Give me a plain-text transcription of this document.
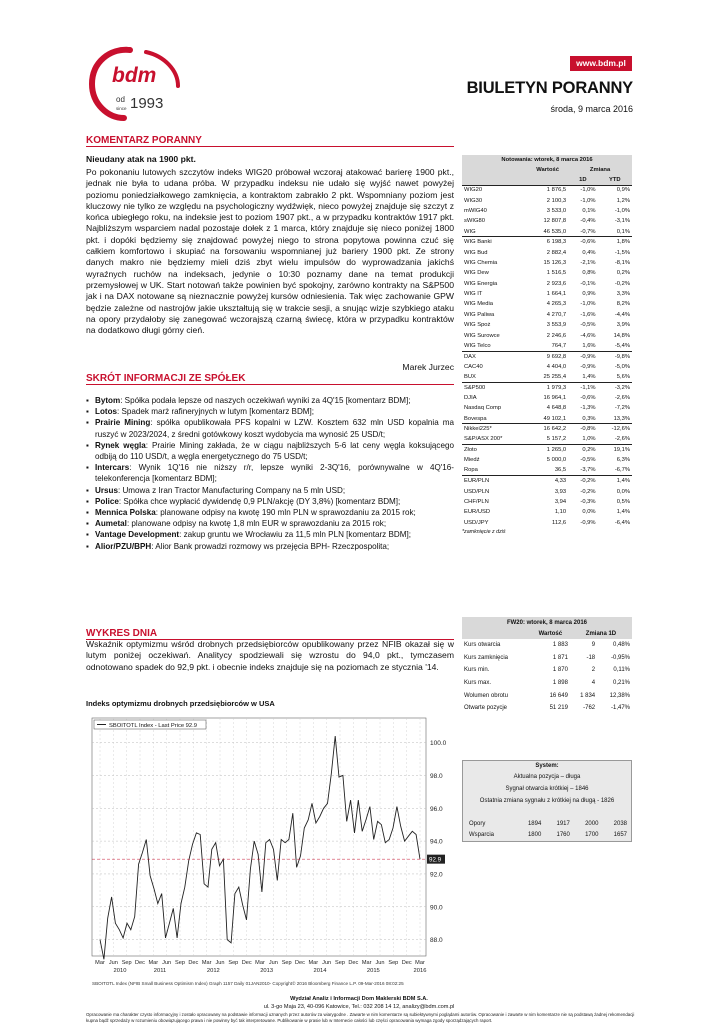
bdm
od
since 1993
www.bdm.pl
BIULETYN PORANNY
środa, 9 marca 2016
KOMENTARZ PORANNY
Nieudany atak na 1900 pkt.
Po pokonaniu lutowych szczytów indeks WIG20 próbował wczoraj atakować barierę 1900 pkt., jednak nie była to udana próba. W przypadku indeksu nie udało się wyjść nawet powyżej poziomu poniedziałkowego zamknięcia, a kontraktom zabrakło 2 pkt. Wspomniany poziom jest kluczowy nie tylko ze względu na psychologiczny wydźwięk, nieco powyżej znajduje się szczyt z końca ubiegłego roku, na indeksie jest to poziom 1907 pkt., a w przypadku kontraktów 1917 pkt. Najbliższym wsparciem nadal pozostaje dołek z 1 marca, który znajduje się nieco poniżej 1800 pkt. i dopóki będziemy się znajdować powyżej niego to strona popytowa powinna czuć się całkiem komfortowo i skupiać na forsowaniu wspomnianej już bariery 1900 pkt. Ze strony danych makro nie będziemy mieli dziś zbyt wielu impulsów do wyprowadzania jakichś wyraźnych ruchów na indeksach, jedynie o 10:30 poznamy dane na temat produkcji przemysłowej w UK. Start notowań także powinien być spokojny, zarówno kontrakty na S&P500 jak i na DAX notowane są nieznacznie powyżej kursów odniesienia. Tak więc zachowanie GPW będzie zależne od nastrojów jakie ukształtują się w trakcie sesji, a snując wizje szybkiego ataku na opory przydałoby się zanegować wczorajszą czarną świecę, która w przypadku kontraktów na dodatkowo długi górny cień.
Marek Jurzec
SKRÓT INFORMACJI ZE SPÓŁEK
▪ Bytom: Spółka podała lepsze od naszych oczekiwań wyniki za 4Q'15 [komentarz BDM];
▪ Lotos: Spadek marż rafineryjnych w lutym [komentarz BDM];
▪ Prairie Mining: spółka opublikowała PFS kopalni w LZW. Kosztem 632 mln USD kopalnia ma ruszyć w 2023/2024, z średni gotówkowy koszt wydobycia ma wynosić 25 USD/t;
▪ Rynek węgla: Prairie Mining zakłada, że w ciągu najbliższych 5-6 lat ceny węgla koksującego odbiją do 110 USD/t, a węgla energetycznego do 75 USD/t;
▪ Intercars: Wynik 1Q'16 nie niższy r/r, lepsze wyniki 2-3Q'16, porównywalne w 4Q'16- telekonferencja [komentarz BDM];
▪ Ursus: Umowa z Iran Tractor Manufacturing Company na 5 mln USD;
▪ Police: Spółka chce wypłacić dywidendę 0,9 PLN/akcję (DY 3,8%) [komentarz BDM];
▪ Mennica Polska: planowane odpisy na kwotę 190 mln PLN w sprawozdaniu za 2015 rok;
▪ Aumetal: planowane odpisy na kwotę 1,8 mln EUR w sprawozdaniu za 2015 rok;
▪ Vantage Development: zakup gruntu we Wrocławiu za 11,5 mln PLN [komentarz BDM];
▪ Alior/PZU/BPH: Alior Bank prowadzi rozmowy ws przejęcia BPH- Rzeczpospolita;
WYKRES DNIA
Wskaźnik optymizmu wśród drobnych przedsiębiorców opublikowany przez NFIB okazał się w lutym poniżej oczekiwań. Analitycy spodziewali się wzrostu do 94,0 pkt., tymczasem odnotowano spadek do 92,9 pkt. i obecnie indeks znajduje się na poziomach ze stycznia '14.
Indeks optymizmu drobnych przedsiębiorców w USA
88.0
90.0
92.0
94.0
96.0
98.0
100.0
Mar Jun Sep Dec Mar Jun Sep Dec Mar Jun Sep Dec Mar Jun Sep Dec Mar Jun Sep Dec Mar Jun Sep Dec Mar
2010	2011	2012	2013	2014	2015	2016
92.9
SBOITOTL Index - Last Price 92.9
SBOITOTL Index (NFIB Small Business Optimism Index) Graph 1157 Daily 01JAN2010- Copyright© 2016 Bloomberg Finance L.P. 09-Mar-2016 08:02:25
Notowania: wtorek, 8 marca 2016			
	Wartość	Zmiana	
		1D	YTD
WIG20	1 876,5	-1,0%	0,9%
WIG30	2 100,3	-1,0%	1,2%
mWIG40	3 533,0	0,1%	-1,0%
sWIG80	12 807,8	-0,4%	-3,1%
WIG	46 535,0	-0,7%	0,1%
WIG Banki	6 198,3	-0,6%	1,8%
WIG Bud	2 882,4	0,4%	-1,5%
WIG Chemia	15 126,3	-2,1%	-8,1%
WIG Dew	1 516,5	0,8%	0,2%
WIG Energia	2 923,6	-0,1%	-0,2%
WIG IT	1 664,1	0,9%	3,3%
WIG Media	4 265,3	-1,0%	8,2%
WIG Paliwa	4 270,7	-1,6%	-4,4%
WIG Spoż	3 553,9	-0,5%	3,9%
WIG Surowce	2 246,6	-4,6%	14,8%
WIG Telco	764,7	1,6%	-5,4%
DAX	9 692,8	-0,9%	-9,8%
CAC40	4 404,0	-0,9%	-5,0%
BUX	25 255,4	1,4%	5,6%
S&P500	1 979,3	-1,1%	-3,2%
DJIA	16 964,1	-0,6%	-2,6%
Nasdaq Comp	4 648,8	-1,3%	-7,2%
Bovespa	49 102,1	0,3%	13,3%
Nikkei225*	16 642,2	-0,8%	-12,6%
S&P/ASX 200*	5 157,2	1,0%	-2,6%
Złoto	1 265,0	0,2%	19,1%
Miedź	5 000,0	-0,5%	6,3%
Ropa	36,5	-3,7%	-6,7%
EUR/PLN	4,33	-0,2%	1,4%
USD/PLN	3,93	-0,2%	0,0%
CHF/PLN	3,94	-0,3%	0,5%
EUR/USD	1,10	0,0%	1,4%
USD/JPY	112,6	-0,9%	-6,4%
*zamknięcie z dziś
FW20: wtorek, 8 marca 2016			
	Wartość	Zmiana 1D	
Kurs otwarcia	1 883	9	0,48%
Kurs zamknięcia	1 871	-18	-0,95%
Kurs min.	1 870	2	0,11%
Kurs max.	1 898	4	0,21%
Wolumen obrotu	16 649	1 834	12,38%
Otwarte pozycje	51 219	-762	-1,47%
System:
Aktualna pozycja – długa
Sygnał otwarcia krótkiej – 1846
Ostatnia zmiana sygnału z krótkiej na długą - 1826
Opory	1894	1917	2000	2038
Wsparcia	1800	1760	1700	1657
Wydział Analiz i Informacji Dom Maklerski BDM S.A.
ul. 3-go Maja 23, 40-096 Katowice, Tel.: 032 208 14 12, analizy@bdm.com.pl
Opracowanie ma charakter czysto informacyjny i zostało opracowany na podstawie informacji uznanych przez autorów za wiarygodne . Zawarte w nim komentarze są subiektywnymi poglądami autorów. Opracowanie i zawarte w nim komentarze nie są podstawą żadnej rekomendacji kupna bądź sprzedaży w rozumieniu obowiązującego prawa i nie powinny być tak interpretowane. Publikowanie w prasie lub w Internecie całości lub części opracowania wymaga zgody sporządzających raport.
